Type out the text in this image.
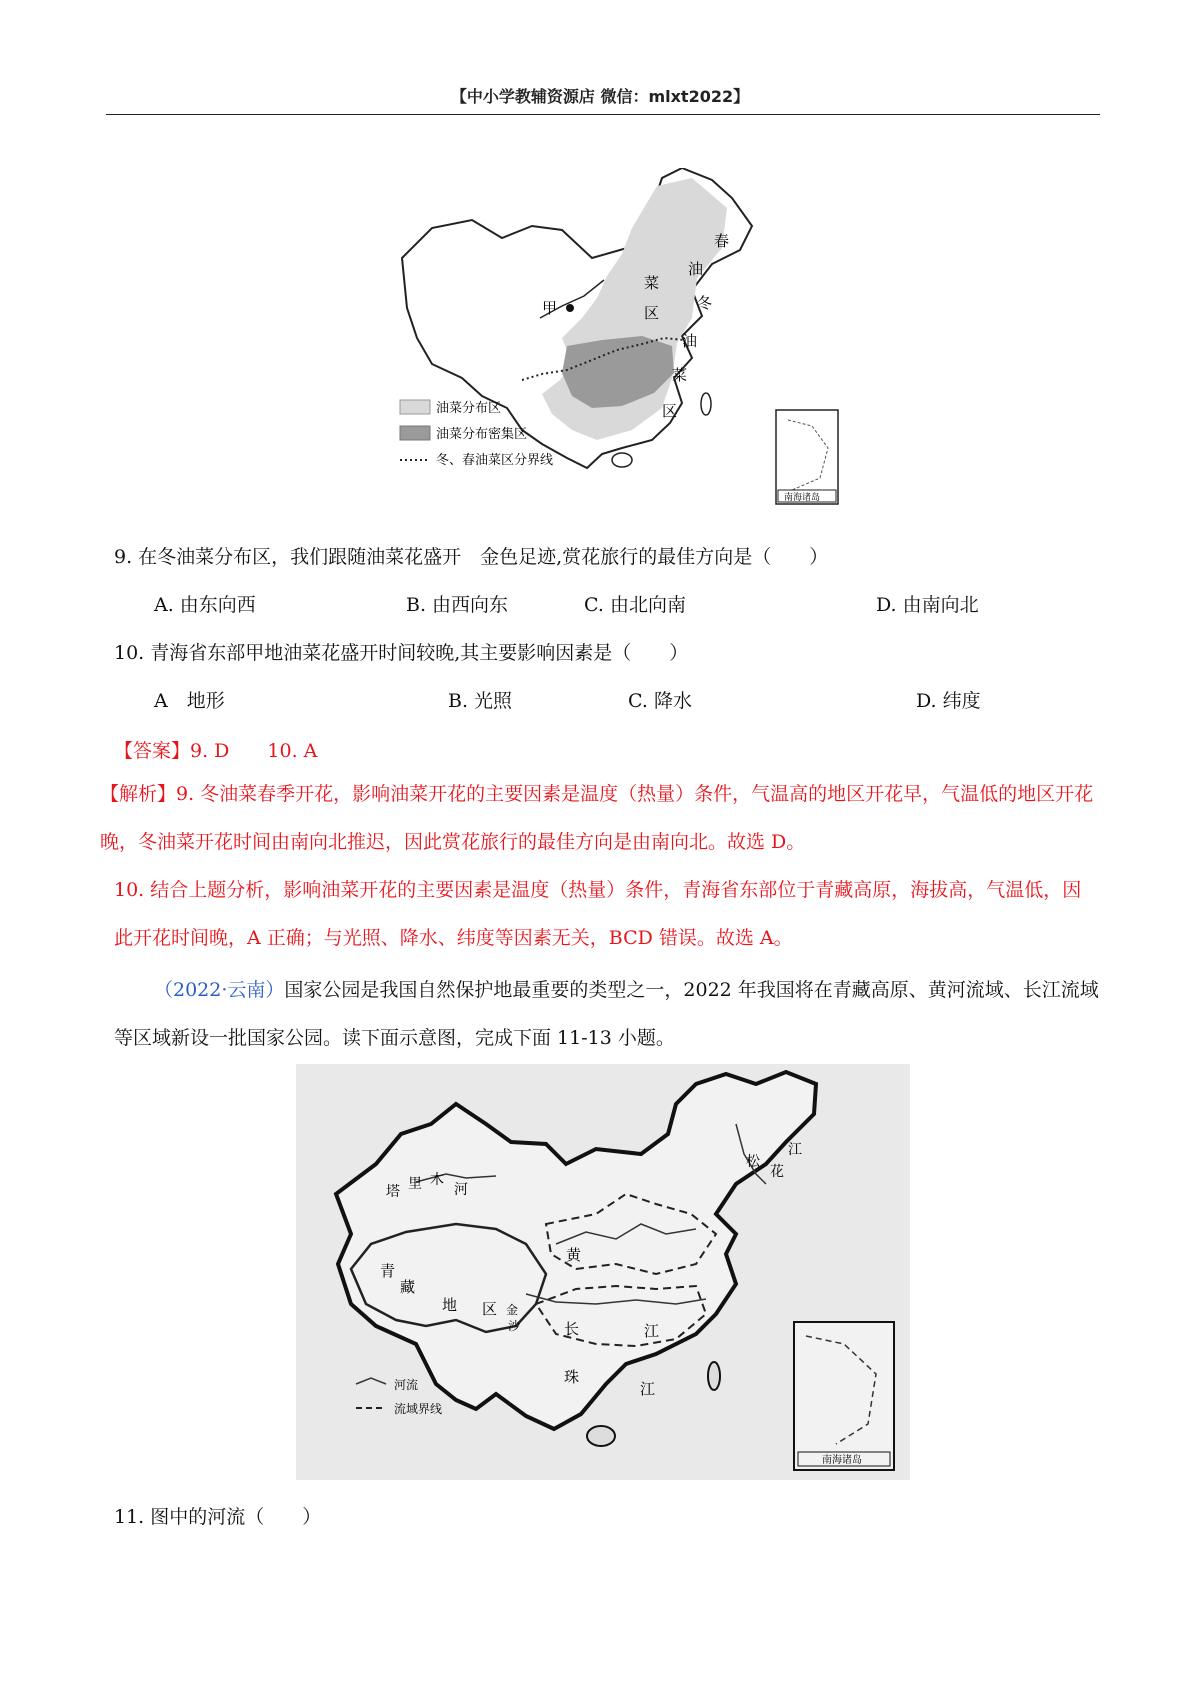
【中小学教辅资源店 微信：mlxt2022】
春
油
菜
冬
区
甲
油
菜
区
油菜分布区
油菜分布密集区
冬、春油菜区分界线
南海诸岛
9. 在冬油菜分布区，我们跟随油菜花盛开　金色足迹,赏花旅行的最佳方向是（　　）
A. 由东向西	B. 由西向东	C. 由北向南	D. 由南向北
10. 青海省东部甲地油菜花盛开时间较晚,其主要影响因素是（　　）
A　地形	B. 光照	C. 降水	D. 纬度
【答案】9. D　　10. A
【解析】9. 冬油菜春季开花，影响油菜开花的主要因素是温度（热量）条件，气温高的地区开花早，气温低的地区开花晚，冬油菜开花时间由南向北推迟，因此赏花旅行的最佳方向是由南向北。故选 D。
10. 结合上题分析，影响油菜开花的主要因素是温度（热量）条件，青海省东部位于青藏高原，海拔高，气温低，因此开花时间晚，A 正确；与光照、降水、纬度等因素无关，BCD 错误。故选 A。
（2022·云南）国家公园是我国自然保护地最重要的类型之一，2022 年我国将在青藏高原、黄河流域、长江流域等区域新设一批国家公园。读下面示意图，完成下面 11-13 小题。
塔 里 木
河
青
藏
地 区
黄
长	江
江
珠
金
沙
松
花
江
河流
流域界线
南海诸岛
11. 图中的河流（　　）
